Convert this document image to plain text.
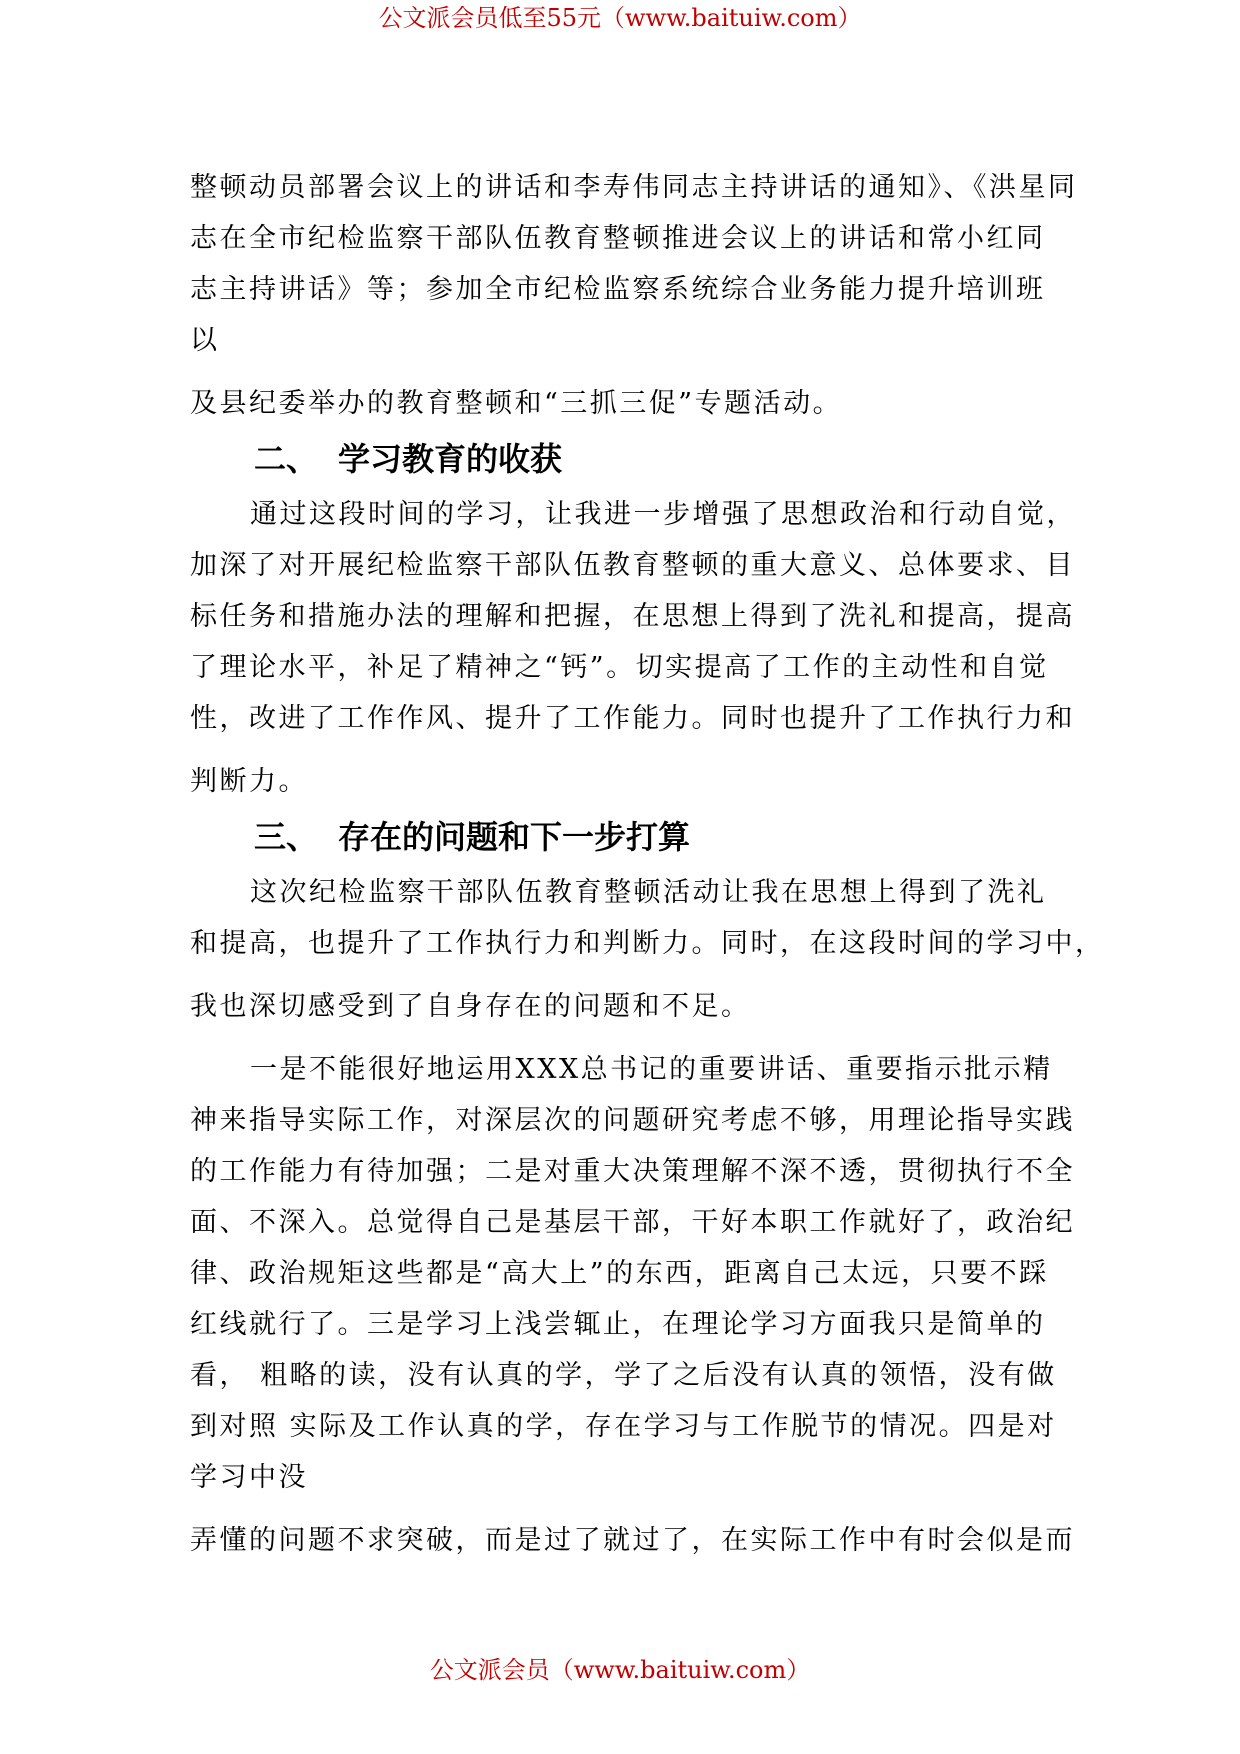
公文派会员低至55元（www.baituiw.com）
整顿动员部署会议上的讲话和李寿伟同志主持讲话的通知》、《洪星同
志在全市纪检监察干部队伍教育整顿推进会议上的讲话和常小红同
志主持讲话》等；参加全市纪检监察系统综合业务能力提升培训班
以
及县纪委举办的教育整顿和“三抓三促”专题活动。
二、 学习教育的收获
通过这段时间的学习，让我进一步增强了思想政治和行动自觉，
加深了对开展纪检监察干部队伍教育整顿的重大意义、总体要求、目
标任务和措施办法的理解和把握，在思想上得到了洗礼和提高，提高
了理论水平，补足了精神之“钙”。切实提高了工作的主动性和自觉
性，改进了工作作风、提升了工作能力。同时也提升了工作执行力和
判断力。
三、 存在的问题和下一步打算
这次纪检监察干部队伍教育整顿活动让我在思想上得到了洗礼
和提高，也提升了工作执行力和判断力。同时，在这段时间的学习中，
我也深切感受到了自身存在的问题和不足。
一是不能很好地运用XXX总书记的重要讲话、重要指示批示精
神来指导实际工作，对深层次的问题研究考虑不够，用理论指导实践
的工作能力有待加强；二是对重大决策理解不深不透，贯彻执行不全
面、不深入。总觉得自己是基层干部，干好本职工作就好了，政治纪
律、政治规矩这些都是“高大上”的东西，距离自己太远，只要不踩
红线就行了。三是学习上浅尝辄止，在理论学习方面我只是简单的
看， 粗略的读，没有认真的学，学了之后没有认真的领悟，没有做
到对照 实际及工作认真的学，存在学习与工作脱节的情况。四是对
学习中没
弄懂的问题不求突破，而是过了就过了，在实际工作中有时会似是而
公文派会员（www.baituiw.com）
